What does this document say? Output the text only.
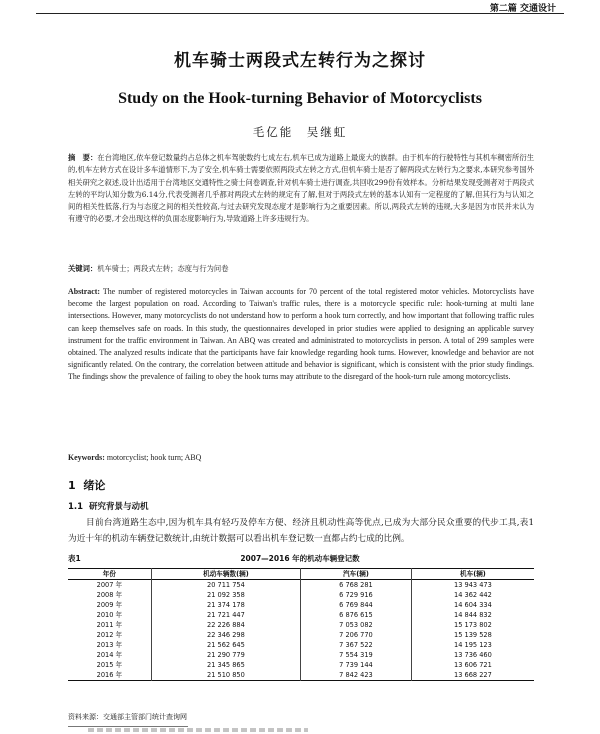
第二篇 交通设计
机车骑士两段式左转行为之探讨
Study on the Hook-turning Behavior of Motorcyclists
毛亿能　吴继虹
摘　要：在台湾地区,依车登记数量约占总体之机车驾驶数约七成左右,机车已成为道路上最庞大的族群。由于机车的行驶特性与其机车稠密所衍生的,机车左转方式在设计多车道情形下,为了安全,机车骑士需要依照两段式左转之方式,但机车骑士是否了解两段式左转行为之要求,本研究参考国外相关研究之叙述,设计出适用于台湾地区交通特性之骑士问卷调查,针对机车骑士进行调查,共回收299份有效样本。分析结果发现受测者对于两段式左转的平均认知分数为6.14分,代表受测者几乎都对两段式左转的规定有了解,但对于两段式左转的基本认知有一定程度的了解,但其行为与认知之间的相关性低落,行为与态度之间的相关性较高,与过去研究发现态度才是影响行为之重要因素。所以,两段式左转的违规,大多是因为市民并未认为有遵守的必要,才会出现这样的负面态度影响行为,导致道路上许多违规行为。
关键词：机车骑士；两段式左转；态度与行为问卷
Abstract: The number of registered motorcycles in Taiwan accounts for 70 percent of the total registered motor vehicles. Motorcyclists have become the largest population on road. According to Taiwan's traffic rules, there is a motorcycle specific rule: hook-turning at multi lane intersections. However, many motorcyclists do not understand how to perform a hook turn correctly, and how important that following traffic rules can keep themselves safe on roads. In this study, the questionnaires developed in prior studies were applied to designing an applicable survey instrument for the traffic environment in Taiwan. An ABQ was created and administrated to motorcyclists in person. A total of 299 samples were obtained. The analyzed results indicate that the participants have fair knowledge regarding hook turns. However, knowledge and behavior are not significantly related. On the contrary, the correlation between attitude and behavior is significant, which is consistent with the prior study findings. The findings show the prevalence of failing to obey the hook turns may attribute to the disregard of the hook-turn rule among motorcyclists.
Keywords: motorcyclist; hook turn; ABQ
1 绪论
1.1 研究背景与动机
目前台湾道路生态中,因为机车具有轻巧及停车方便、经济且机动性高等优点,已成为大部分民众重要的代步工具,表1为近十年的机动车辆登记数统计,由统计数据可以看出机车登记数一直都占约七成的比例。
表1	2007—2016 年的机动车辆登记数
年份	机动车辆数(辆)	汽车(辆)	机车(辆)
2007 年	20 711 754	6 768 281	13 943 473
2008 年	21 092 358	6 729 916	14 362 442
2009 年	21 374 178	6 769 844	14 604 334
2010 年	21 721 447	6 876 615	14 844 832
2011 年	22 226 884	7 053 082	15 173 802
2012 年	22 346 298	7 206 770	15 139 528
2013 年	21 562 645	7 367 522	14 195 123
2014 年	21 290 779	7 554 319	13 736 460
2015 年	21 345 865	7 739 144	13 606 721
2016 年	21 510 850	7 842 423	13 668 227
资料来源：交通部主管部门统计查询网
